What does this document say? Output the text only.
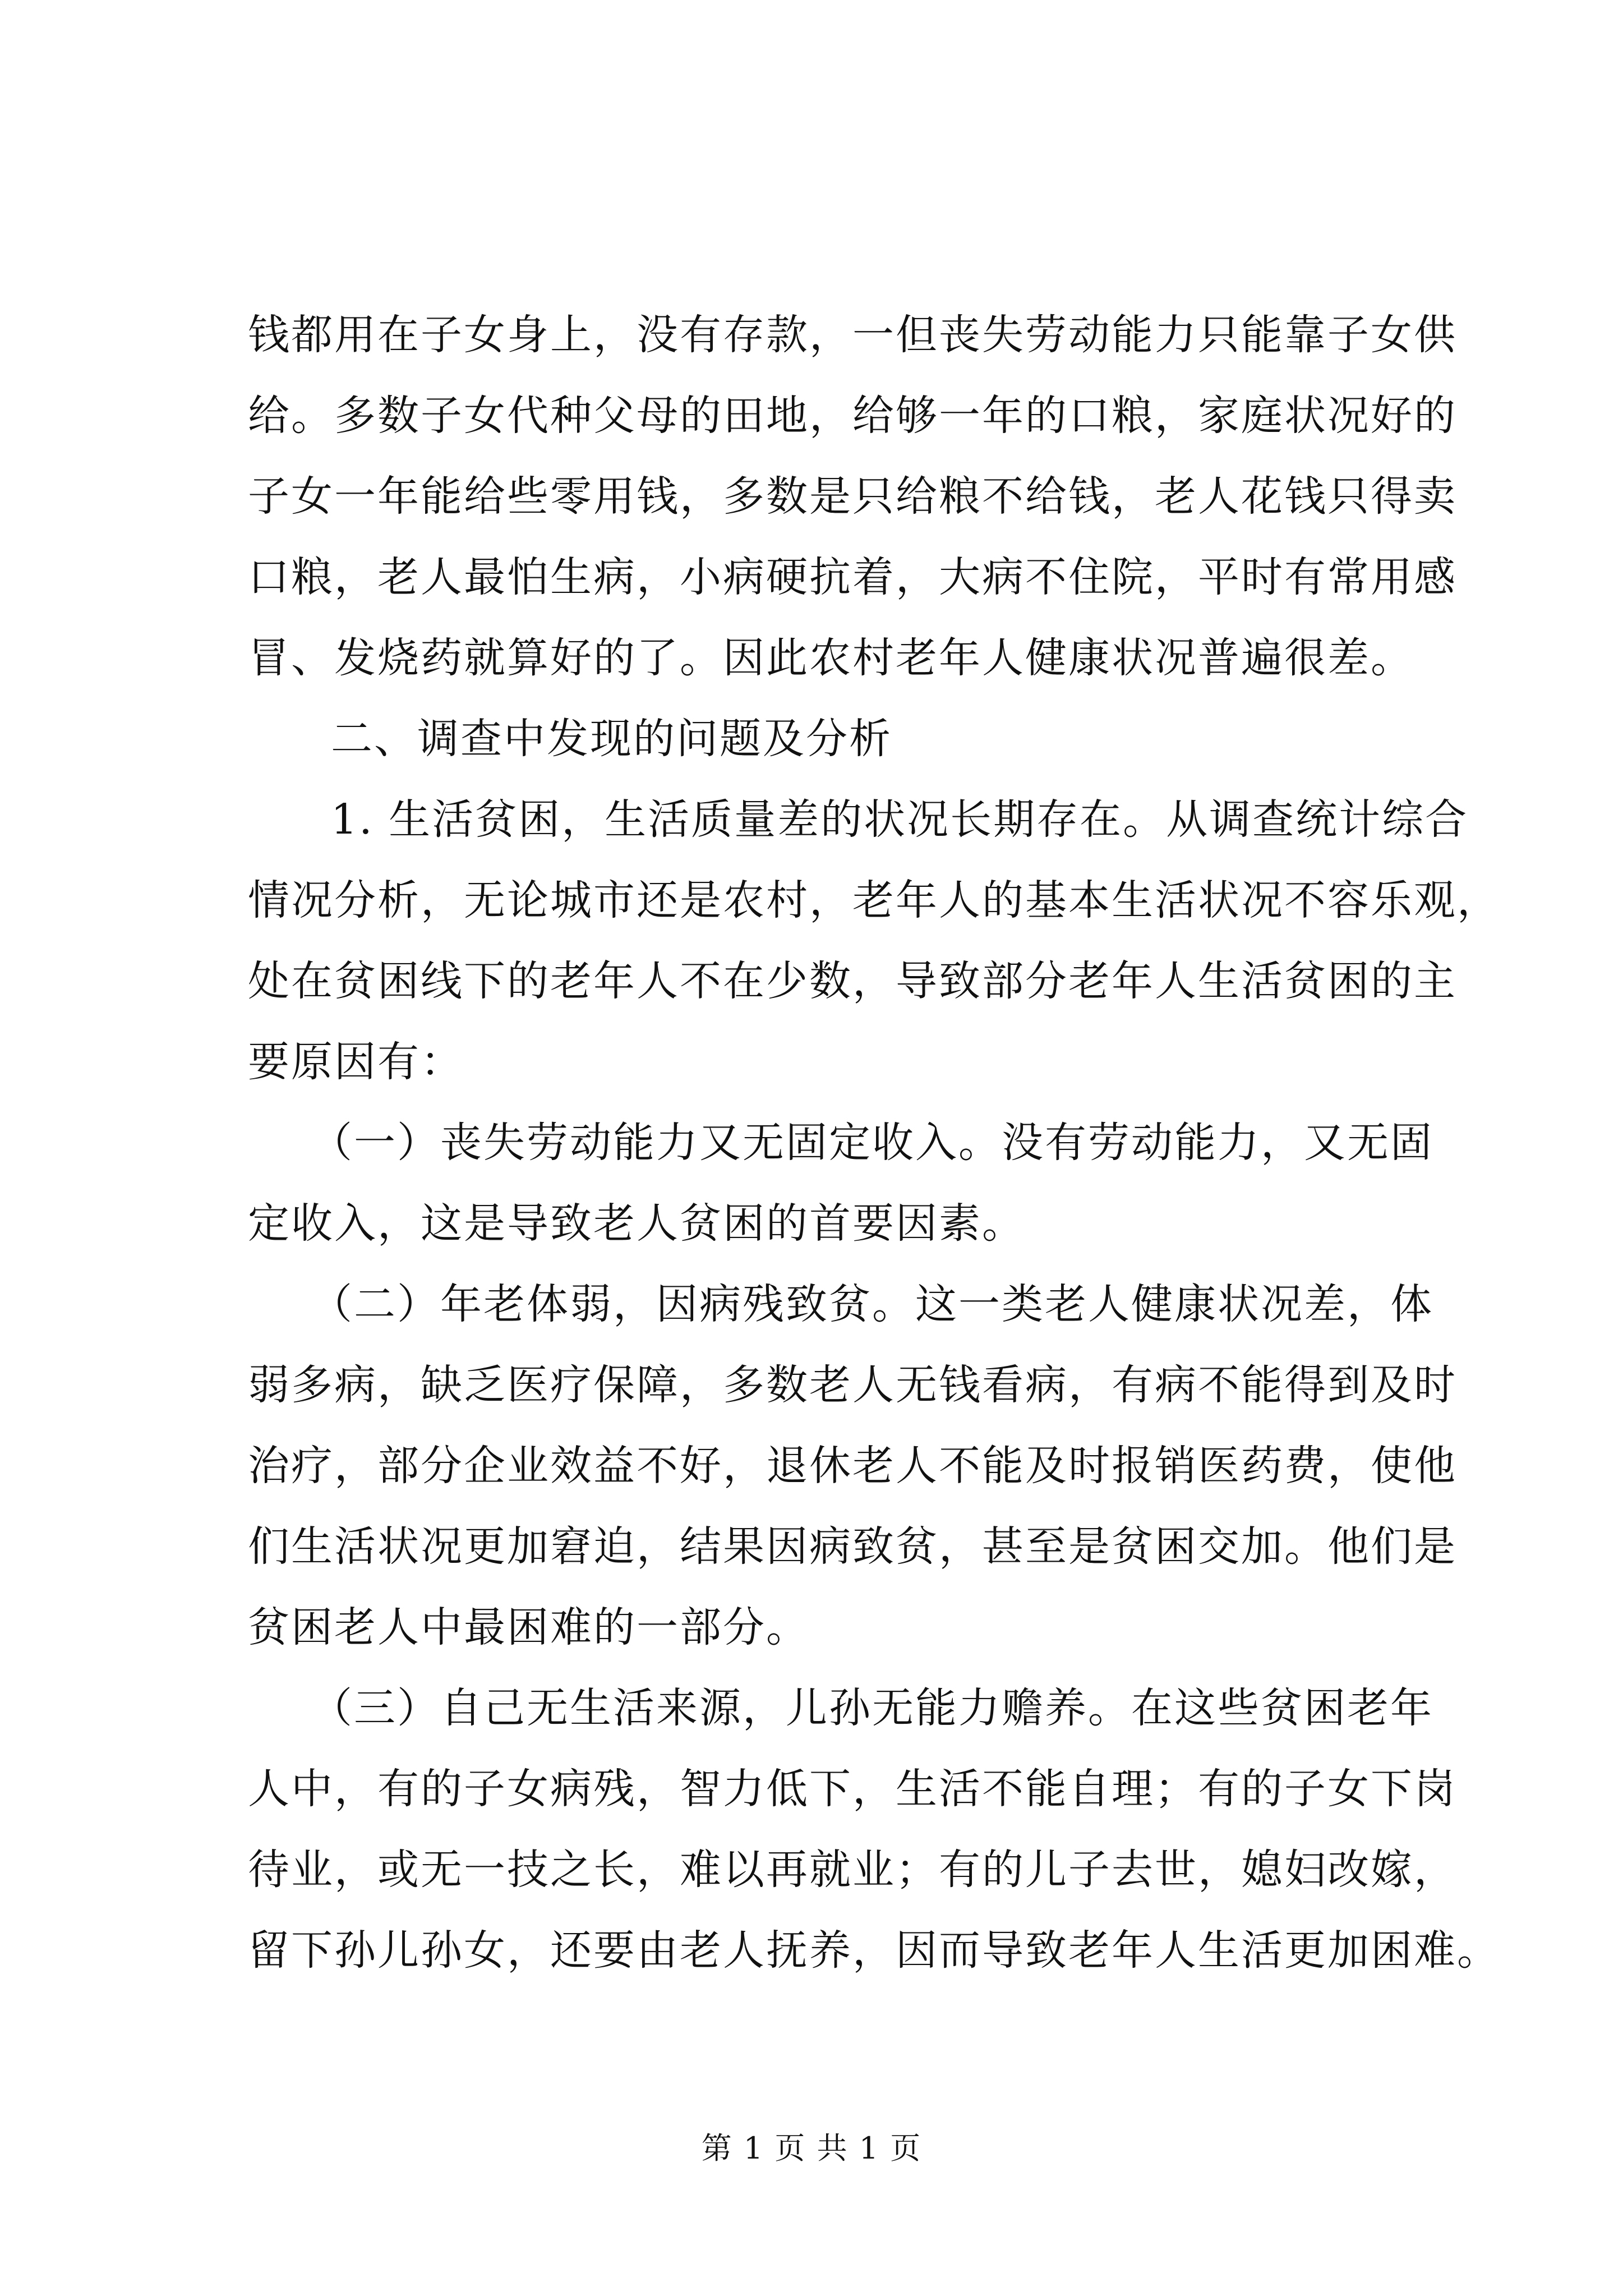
钱都用在子女身上，没有存款，一但丧失劳动能力只能靠子女供
给。多数子女代种父母的田地，给够一年的口粮，家庭状况好的
子女一年能给些零用钱，多数是只给粮不给钱，老人花钱只得卖
口粮，老人最怕生病，小病硬抗着，大病不住院，平时有常用感
冒、发烧药就算好的了。因此农村老年人健康状况普遍很差。
二、调查中发现的问题及分析
1. 生活贫困，生活质量差的状况长期存在。从调查统计综合
情况分析，无论城市还是农村，老年人的基本生活状况不容乐观，
处在贫困线下的老年人不在少数，导致部分老年人生活贫困的主
要原因有：
（一）丧失劳动能力又无固定收入。没有劳动能力，又无固
定收入，这是导致老人贫困的首要因素。
（二）年老体弱，因病残致贫。这一类老人健康状况差，体
弱多病，缺乏医疗保障，多数老人无钱看病，有病不能得到及时
治疗，部分企业效益不好，退休老人不能及时报销医药费，使他
们生活状况更加窘迫，结果因病致贫，甚至是贫困交加。他们是
贫困老人中最困难的一部分。
（三）自己无生活来源，儿孙无能力赡养。在这些贫困老年
人中，有的子女病残，智力低下，生活不能自理；有的子女下岗
待业，或无一技之长，难以再就业；有的儿子去世，媳妇改嫁，
留下孙儿孙女，还要由老人抚养，因而导致老年人生活更加困难。
第 1 页 共 1 页
